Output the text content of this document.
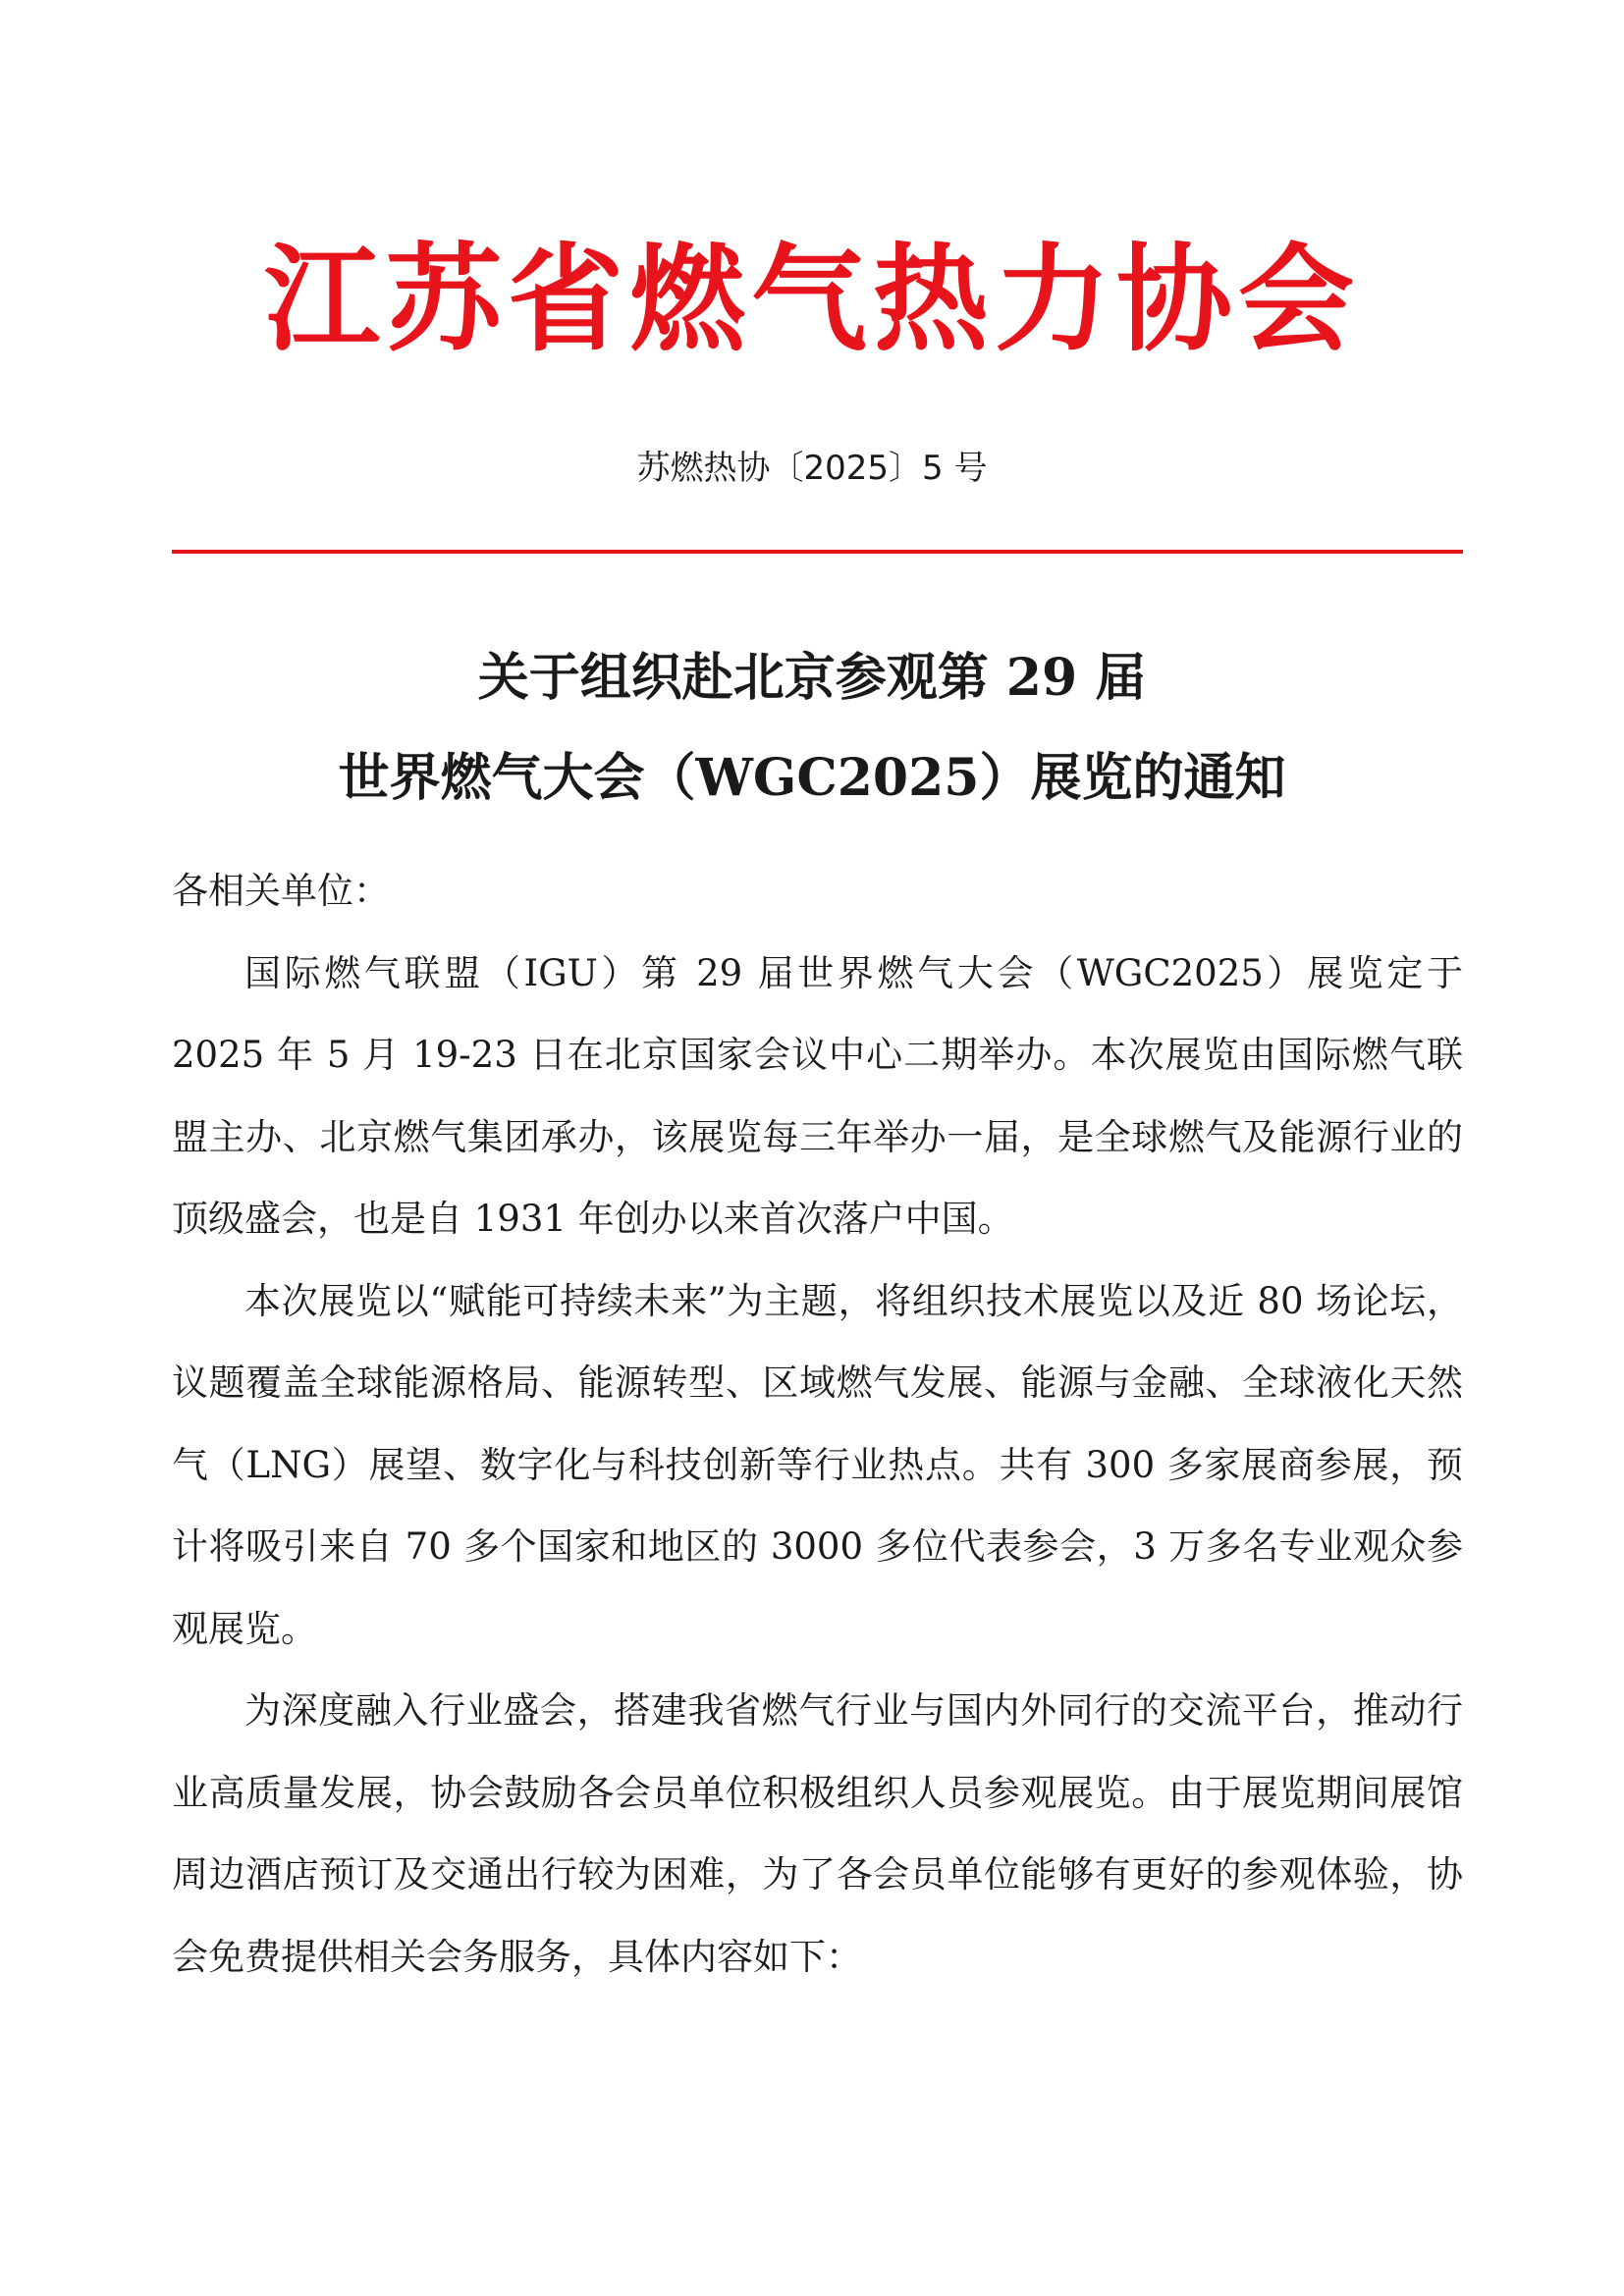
江苏省燃气热力协会
苏燃热协〔2025〕5 号
关于组织赴北京参观第 29 届
世界燃气大会（WGC2025）展览的通知

各相关单位：

国际燃气联盟（IGU）第 29 届世界燃气大会（WGC2025）展览定于 2025 年 5 月 19-23 日在北京国家会议中心二期举办。本次展览由国际燃气联盟主办、北京燃气集团承办，该展览每三年举办一届，是全球燃气及能源行业的顶级盛会，也是自 1931 年创办以来首次落户中国。

本次展览以“赋能可持续未来”为主题，将组织技术展览以及近 80 场论坛，议题覆盖全球能源格局、能源转型、区域燃气发展、能源与金融、全球液化天然气（LNG）展望、数字化与科技创新等行业热点。共有 300 多家展商参展，预计将吸引来自 70 多个国家和地区的 3000 多位代表参会，3 万多名专业观众参观展览。

为深度融入行业盛会，搭建我省燃气行业与国内外同行的交流平台，推动行业高质量发展，协会鼓励各会员单位积极组织人员参观展览。由于展览期间展馆周边酒店预订及交通出行较为困难，为了各会员单位能够有更好的参观体验，协会免费提供相关会务服务，具体内容如下：
